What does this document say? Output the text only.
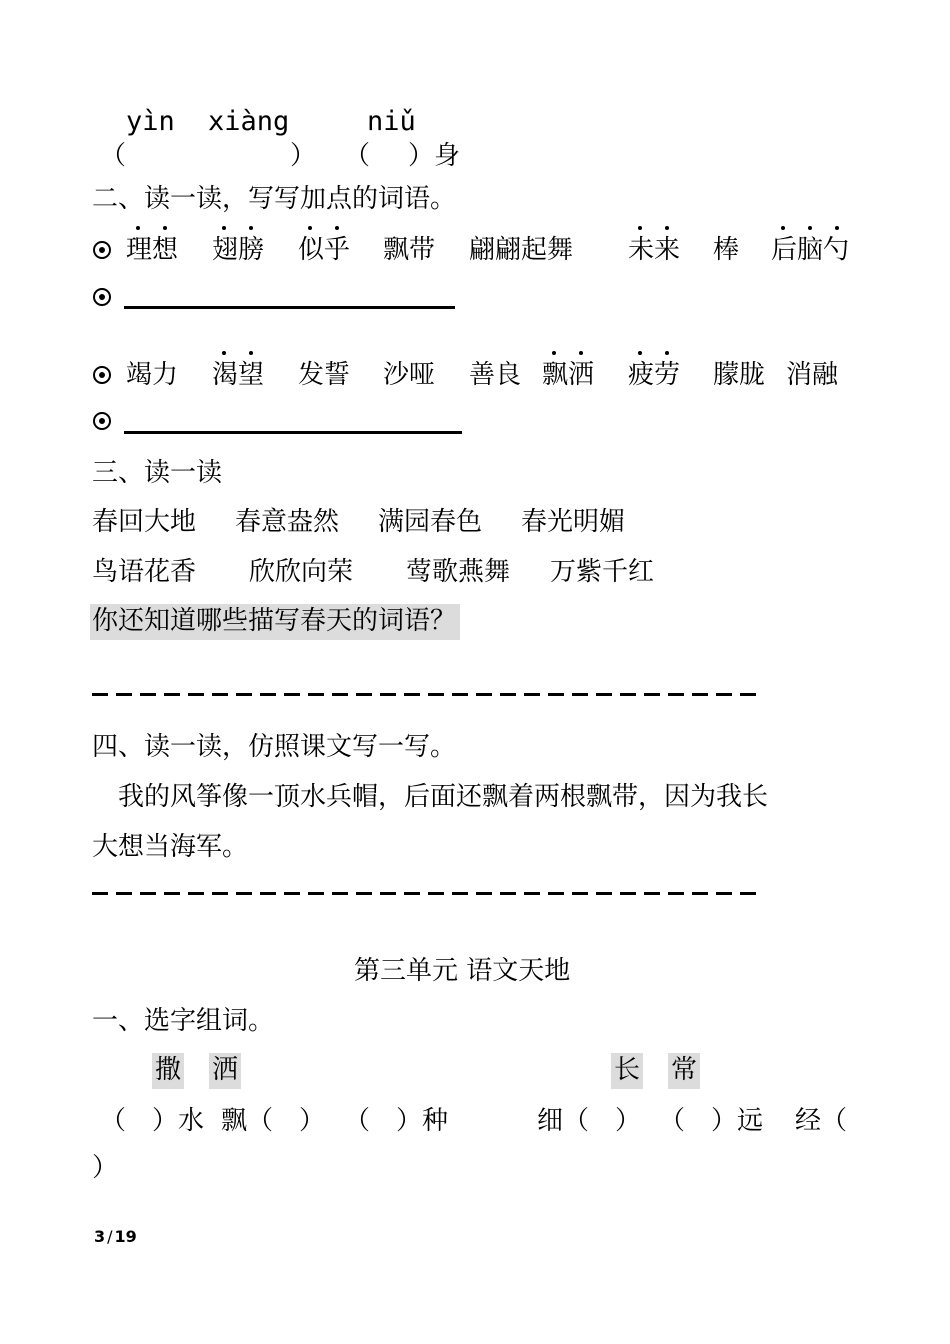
yìn xiàng	niǔ
（	） （ ）身
二、读一读，写写加点的词语。
理想 翅膀 似乎 飘带 翩翩起舞 未来 棒 后脑勺
竭力 渴望 发誓 沙哑 善良 飘洒 疲劳 朦胧 消融
三、读一读
春回大地 春意盎然 满园春色 春光明媚
鸟语花香 欣欣向荣 莺歌燕舞 万紫千红
你还知道哪些描写春天的词语？
四、读一读，仿照课文写一写。
我的风筝像一顶水兵帽，后面还飘着两根飘带，因为我长
大想当海军。
第三单元 语文天地
一、选字组词。
撒 洒	长 常
（　）水 飘（　） （　）种	细（　） （　）远 经（
）
3 / 19
